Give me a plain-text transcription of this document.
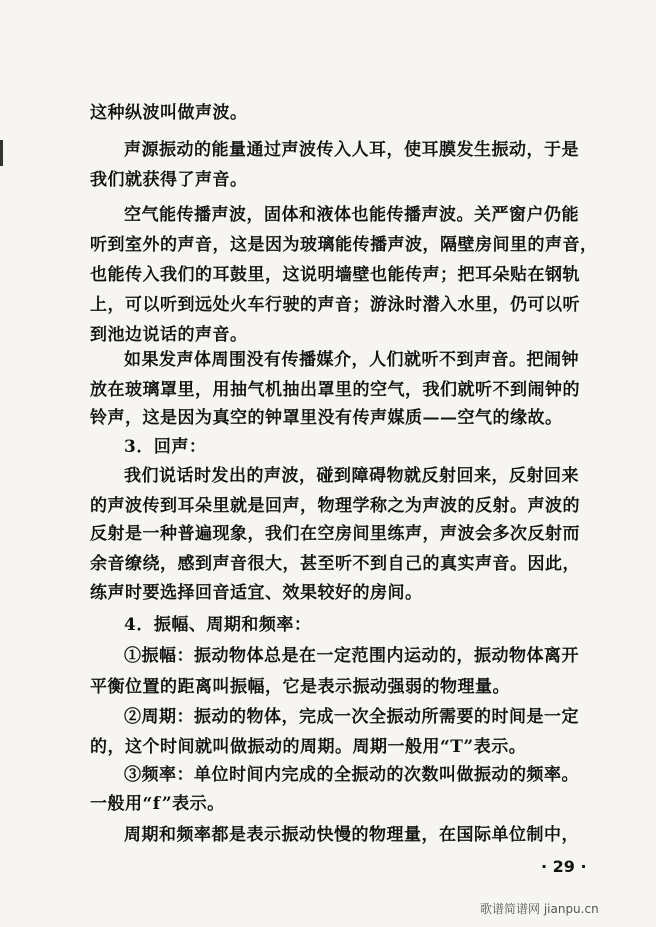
这种纵波叫做声波。
声源振动的能量通过声波传入人耳，使耳膜发生振动，于是
我们就获得了声音。
空气能传播声波，固体和液体也能传播声波。关严窗户仍能
听到室外的声音，这是因为玻璃能传播声波，隔壁房间里的声音，
也能传入我们的耳鼓里，这说明墙壁也能传声；把耳朵贴在钢轨
上，可以听到远处火车行驶的声音；游泳时潜入水里，仍可以听
到池边说话的声音。
如果发声体周围没有传播媒介，人们就听不到声音。把闹钟
放在玻璃罩里，用抽气机抽出罩里的空气，我们就听不到闹钟的
铃声，这是因为真空的钟罩里没有传声媒质——空气的缘故。
3．回声：
我们说话时发出的声波，碰到障碍物就反射回来，反射回来
的声波传到耳朵里就是回声，物理学称之为声波的反射。声波的
反射是一种普遍现象，我们在空房间里练声，声波会多次反射而
余音缭绕，感到声音很大，甚至听不到自己的真实声音。因此，
练声时要选择回音适宜、效果较好的房间。
4．振幅、周期和频率：
①振幅：振动物体总是在一定范围内运动的，振动物体离开
平衡位置的距离叫振幅，它是表示振动强弱的物理量。
②周期：振动的物体，完成一次全振动所需要的时间是一定
的，这个时间就叫做振动的周期。周期一般用“T”表示。
③频率：单位时间内完成的全振动的次数叫做振动的频率。
一般用“f”表示。
周期和频率都是表示振动快慢的物理量，在国际单位制中，
· 29 ·
歌谱简谱网 jianpu.cn
